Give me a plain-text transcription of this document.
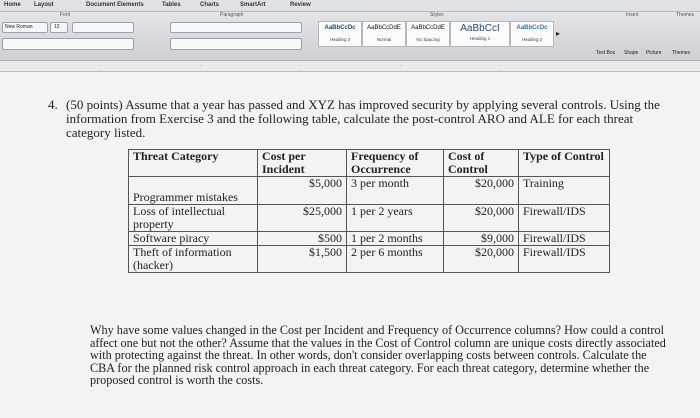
Home Layout	Document Elements	Tables	Charts	SmartArt	Review
Font	Paragraph	Styles	Insert	Themes
New Roman	12	AaBbCcDc
Heading 3
AaBbCcDdE
Normal
AaBbCcDdE
No Spacing
AaBbCcI
Heading 1
AaBbCcDc
Heading 2
▸
Text Box Shape Picture Themes
·	·	·	·	·
4. (50 points) Assume that a year has passed and XYZ has improved security by applying several controls. Using the information from Exercise 3 and the following table, calculate the post-control ARO and ALE for each threat category listed.
Threat Category	Cost per Incident	Frequency of Occurrence	Cost of Control	Type of Control
Programmer mistakes	$5,000	3 per month	$20,000	Training
Loss of intellectual property	$25,000	1 per 2 years	$20,000	Firewall/IDS
Software piracy	$500	1 per 2 months	$9,000	Firewall/IDS
Theft of information (hacker)	$1,500	2 per 6 months	$20,000	Firewall/IDS
Why have some values changed in the Cost per Incident and Frequency of Occurrence columns? How could a control affect one but not the other? Assume that the values in the Cost of Control column are unique costs directly associated with protecting against the threat. In other words, don't consider overlapping costs between controls. Calculate the CBA for the planned risk control approach in each threat category. For each threat category, determine whether the proposed control is worth the costs.
